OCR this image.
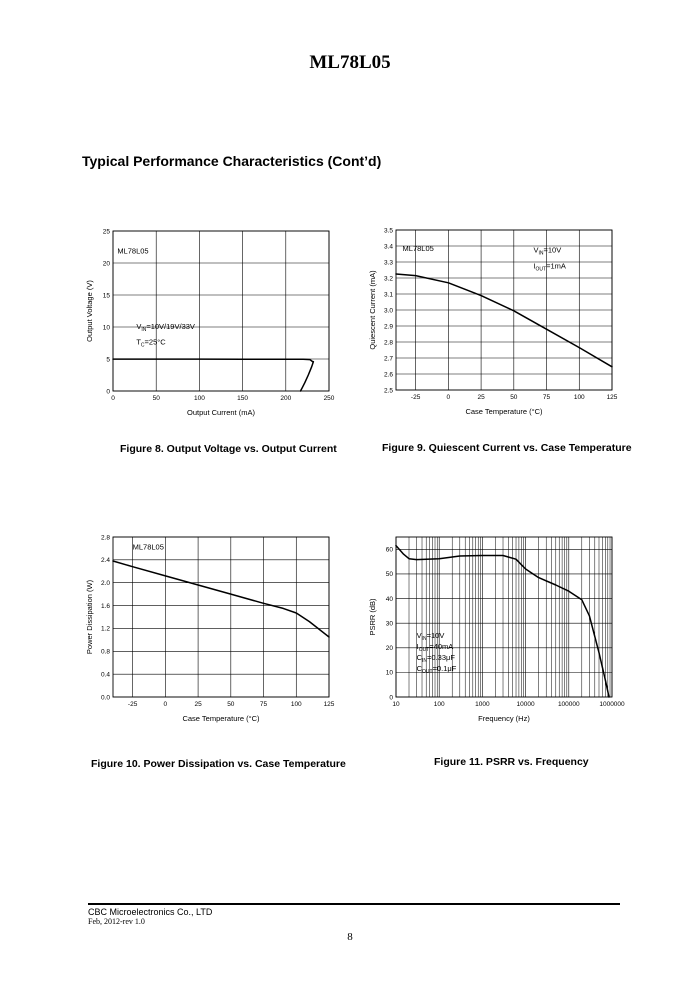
ML78L05
Typical Performance Characteristics (Cont’d)
0	50	100	150	200	250
0
5
10
15
20
25
Output Current (mA)
Output Voltage (V)
ML78L05
$V_{IN}=10V/19V/33V$
$T_C=25^\circ C$
-25	0	25	50	75	100	125
2.5
2.6
2.7
2.8
2.9
3.0
3.1
3.2
3.3
3.4
3.5
Case Temperature (°C)
Quiescent Current (mA)
ML78L05	$V_{IN}=10V$
$I_{OUT}=1mA$
-25	0	25	50	75	100	125
0.0
0.4
0.8
1.2
1.6
2.0
2.4
2.8
Case Temperature (°C)
Power Dissipation (W)
ML78L05
10	100	1000	10000	100000	1000000
0
10
20
30
40
50
60
Frequency (Hz)
PSRR (dB)	$V_{IN}=10V$
$I_{OUT}=40mA$
$C_{IN}=0.33\mu F$
$C_{OUT}=0.1\mu F$
Figure 8. Output Voltage vs. Output Current	Figure 9. Quiescent Current vs. Case Temperature
Figure 10. Power Dissipation vs. Case Temperature	Figure 11. PSRR vs. Frequency
CBC Microelectronics Co., LTD
Feb, 2012-rev 1.0
8
